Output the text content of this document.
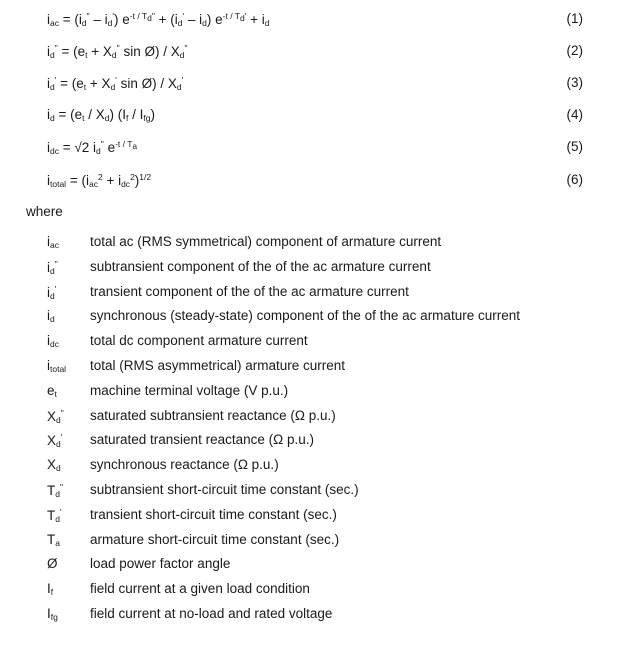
$i_{ac} = (i_d^" - i_d') e^{-t / T_d"} + (i_d' - i_d) e^{-t / T_d'} + i_d$	(1)
$i_d^" = (e_t + X_d^"$ sin Ø) / $X_d^"$	(2)
$i_d' = (e_t + X_d'$ sin Ø) / $X_d'$	(3)
$i_d = (e_t / X_d)$ $(I_f / I_{fg})$	(4)
$i_{dc} = √2$ $i_d^"$ $e^{-t / T_a}$	(5)
$i_{total} = (i_{ac}^2 + i_{dc}^2)^{1/2}$	(6)
where
$i_{ac}$ total ac (RMS symmetrical) component of armature current
$i_d^"$ subtransient component of the of the ac armature current
$i_d'$ transient component of the of the ac armature current
$i_d$	synchronous (steady-state) component of the of the ac armature current
$i_{dc}$ total dc component armature current
$i_{total}$ total (RMS asymmetrical) armature current
$e_t$ machine terminal voltage (V p.u.)
$X_d^"$ saturated subtransient reactance (Ω p.u.)
$X_d'$ saturated transient reactance (Ω p.u.)
$X_d$ synchronous reactance (Ω p.u.)
$T_d^"$ subtransient short-circuit time constant (sec.)
$T_d'$ transient short-circuit time constant (sec.)
$T_a$ armature short-circuit time constant (sec.)
Ø load power factor angle
$I_f$	field current at a given load condition
$I_{fg}$ field current at no-load and rated voltage
